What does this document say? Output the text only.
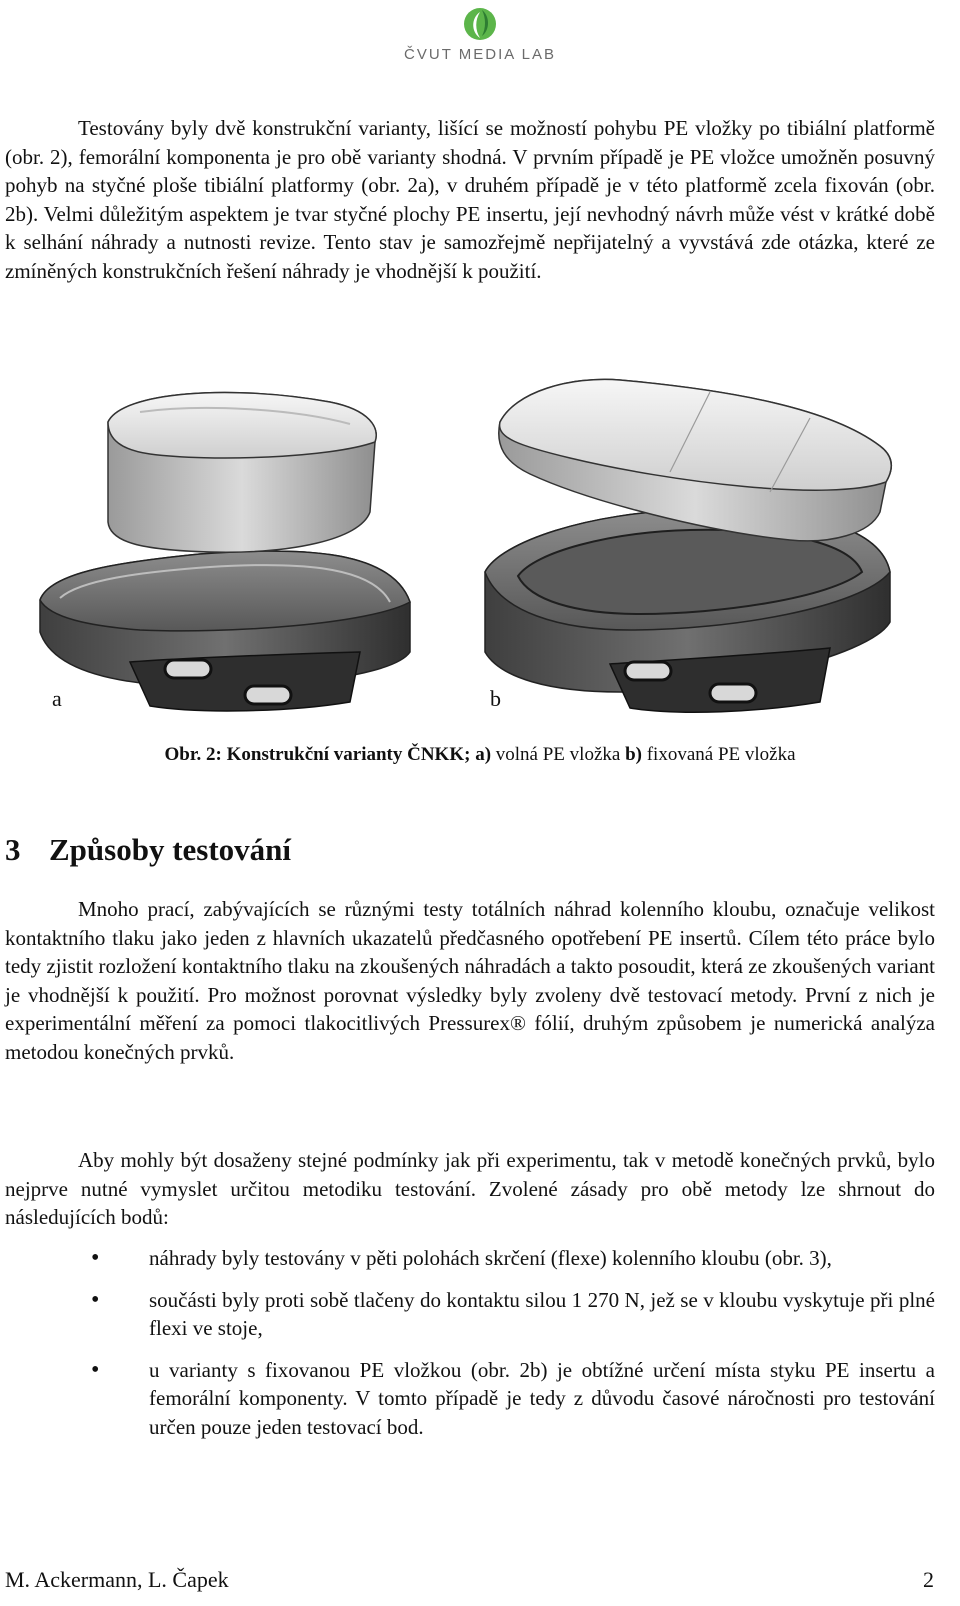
ČVUT MEDIA LAB

Testovány byly dvě konstrukční varianty, lišící se možností pohybu PE vložky po tibiální platformě (obr. 2), femorální komponenta je pro obě varianty shodná. V prvním případě je PE vložce umožněn posuvný pohyb na styčné ploše tibiální platformy (obr. 2a), v druhém případě je v této platformě zcela fixován (obr. 2b). Velmi důležitým aspektem je tvar styčné plochy PE insertu, její nevhodný návrh může vést v krátké době k selhání náhrady a nutnosti revize. Tento stav je samozřejmě nepřijatelný a vyvstává zde otázka, které ze zmíněných konstrukčních řešení náhrady je vhodnější k použití.

a	b
Obr. 2: Konstrukční varianty ČNKK; a) volná PE vložka b) fixovaná PE vložka
3 Způsoby testování

Mnoho prací, zabývajících se různými testy totálních náhrad kolenního kloubu, označuje velikost kontaktního tlaku jako jeden z hlavních ukazatelů předčasného opotřebení PE insertů. Cílem této práce bylo tedy zjistit rozložení kontaktního tlaku na zkoušených náhradách a takto posoudit, která ze zkoušených variant je vhodnější k použití. Pro možnost porovnat výsledky byly zvoleny dvě testovací metody. První z nich je experimentální měření za pomoci tlakocitlivých Pressurex® fólií, druhým způsobem je numerická analýza metodou konečných prvků.

Aby mohly být dosaženy stejné podmínky jak při experimentu, tak v metodě konečných prvků, bylo nejprve nutné vymyslet určitou metodiku testování. Zvolené zásady pro obě metody lze shrnout do následujících bodů:

• náhrady byly testovány v pěti polohách skrčení (flexe) kolenního kloubu (obr. 3),
• součásti byly proti sobě tlačeny do kontaktu silou 1 270 N, jež se v kloubu vyskytuje při plné flexi ve stoje,
• u varianty s fixovanou PE vložkou (obr. 2b) je obtížné určení místa styku PE insertu a femorální komponenty. V tomto případě je tedy z důvodu časové náročnosti pro testování určen pouze jeden testovací bod.
M. Ackermann, L. Čapek	2
